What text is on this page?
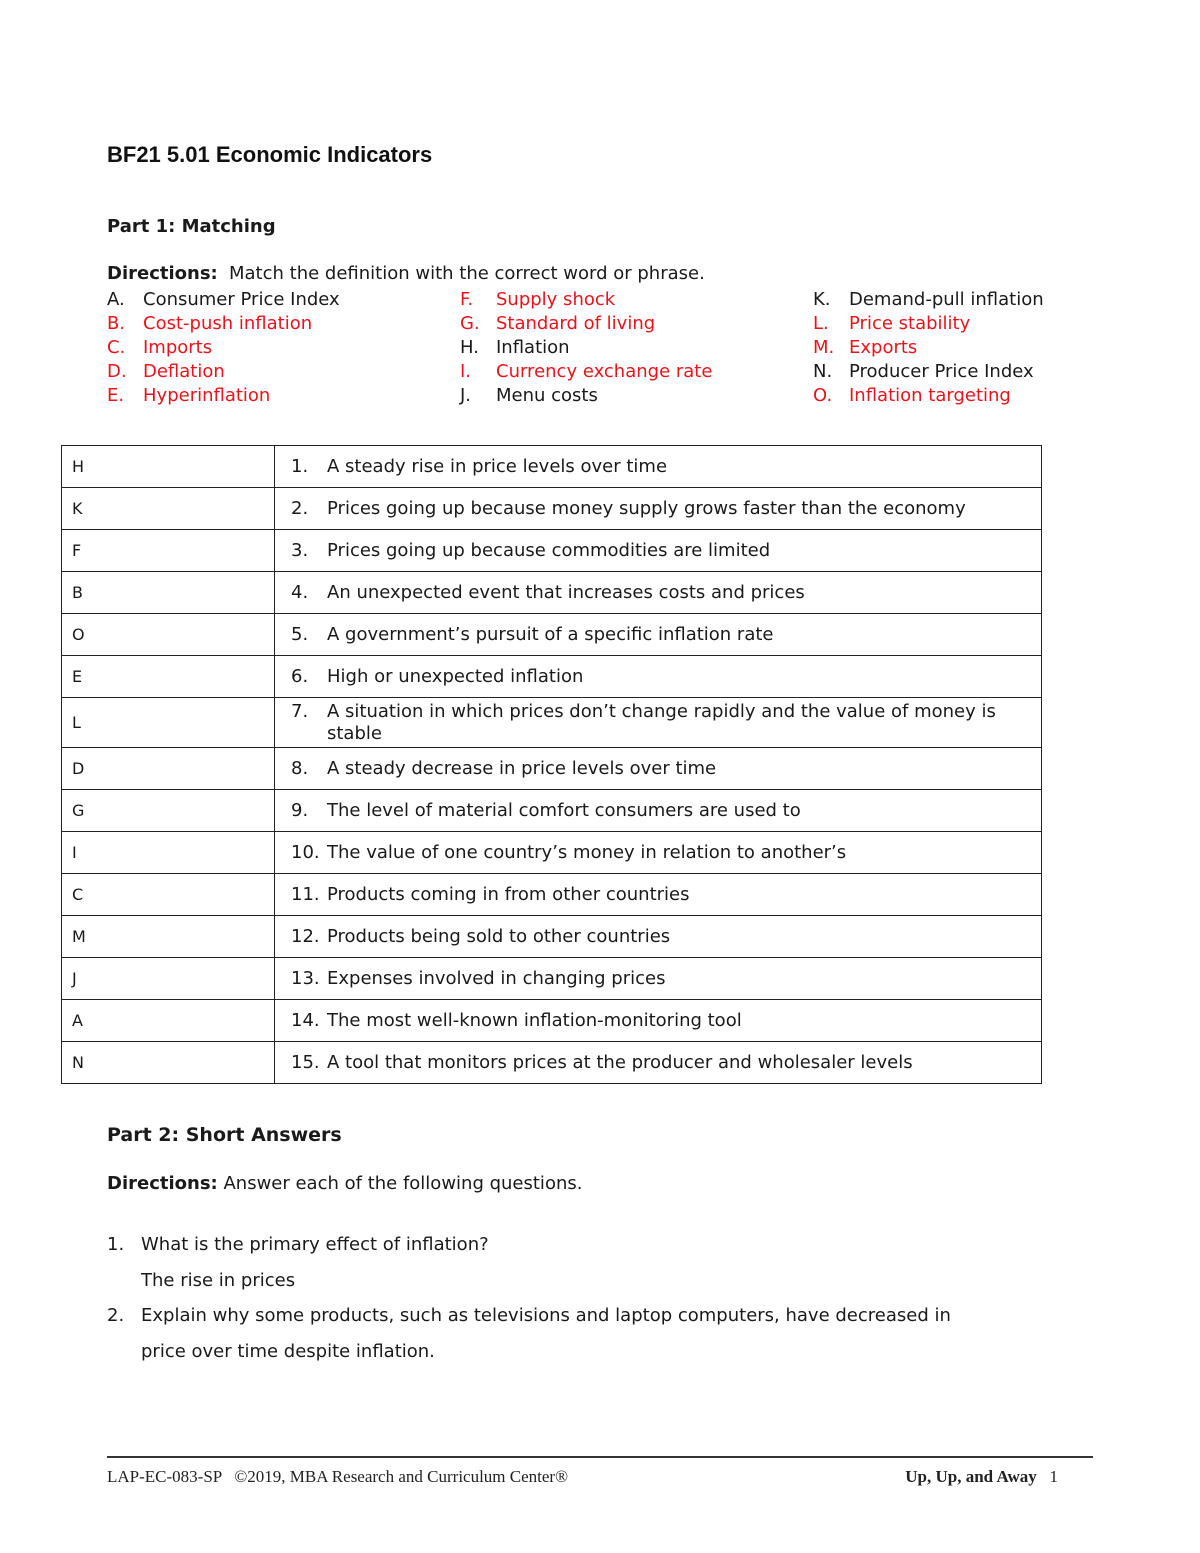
BF21 5.01 Economic Indicators
Part 1: Matching
Directions: Match the definition with the correct word or phrase.
A. Consumer Price Index
B. Cost-push inflation
C. Imports
D. Deflation
E. Hyperinflation
F. Supply shock
G. Standard of living
H. Inflation
I. Currency exchange rate
J. Menu costs
K. Demand-pull inflation
L. Price stability
M. Exports
N. Producer Price Index
O. Inflation targeting
H	1. A steady rise in price levels over time

K	2. Prices going up because money supply grows faster than the economy

F	3. Prices going up because commodities are limited

B	4. An unexpected event that increases costs and prices

O	5. A government’s pursuit of a specific inflation rate

E	6. High or unexpected inflation

L	7. A situation in which prices don’t change rapidly and the value of money is stable

D	8. A steady decrease in price levels over time

G	9. The level of material comfort consumers are used to

I	10. The value of one country’s money in relation to another’s

C	11. Products coming in from other countries

M	12. Products being sold to other countries

J	13. Expenses involved in changing prices

A	14. The most well-known inflation-monitoring tool

N	15. A tool that monitors prices at the producer and wholesaler levels
Part 2: Short Answers
Directions: Answer each of the following questions.
1. What is the primary effect of inflation?
The rise in prices
2. Explain why some products, such as televisions and laptop computers, have decreased in
price over time despite inflation.
LAP-EC-083-SP   ©2019, MBA Research and Curriculum Center®	Up, Up, and Away 1
